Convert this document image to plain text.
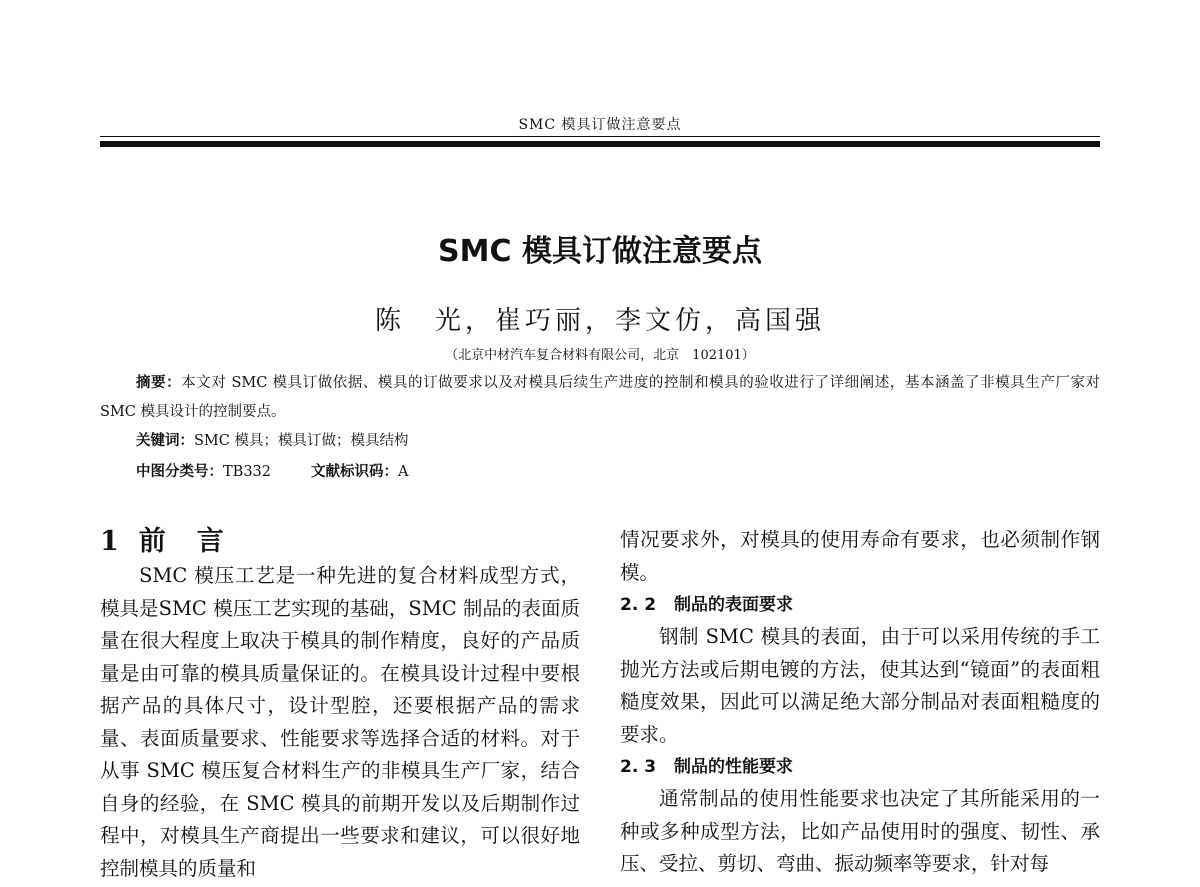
SMC 模具订做注意要点
SMC 模具订做注意要点
陈　光，崔巧丽，李文仿，高国强
（北京中材汽车复合材料有限公司，北京　102101）

摘要：本文对 SMC 模具订做依据、模具的订做要求以及对模具后续生产进度的控制和模具的验收进行了详细阐述，基本涵盖了非模具生产厂家对 SMC 模具设计的控制要点。

关键词：SMC 模具；模具订做；模具结构
中图分类号：TB332	文献标识码：A
1 前　言

SMC 模压工艺是一种先进的复合材料成型方式，模具是SMC 模压工艺实现的基础，SMC 制品的表面质量在很大程度上取决于模具的制作精度，良好的产品质量是由可靠的模具质量保证的。在模具设计过程中要根据产品的具体尺寸，设计型腔，还要根据产品的需求量、表面质量要求、性能要求等选择合适的材料。对于从事 SMC 模压复合材料生产的非模具生产厂家，结合自身的经验，在 SMC 模具的前期开发以及后期制作过程中，对模具生产商提出一些要求和建议，可以很好地控制模具的质量和

情况要求外，对模具的使用寿命有要求，也必须制作钢模。

2. 2 制品的表面要求

钢制 SMC 模具的表面，由于可以采用传统的手工抛光方法或后期电镀的方法，使其达到“镜面”的表面粗糙度效果，因此可以满足绝大部分制品对表面粗糙度的要求。

2. 3 制品的性能要求

通常制品的使用性能要求也决定了其所能采用的一种或多种成型方法，比如产品使用时的强度、韧性、承压、受拉、剪切、弯曲、振动频率等要求，针对每
